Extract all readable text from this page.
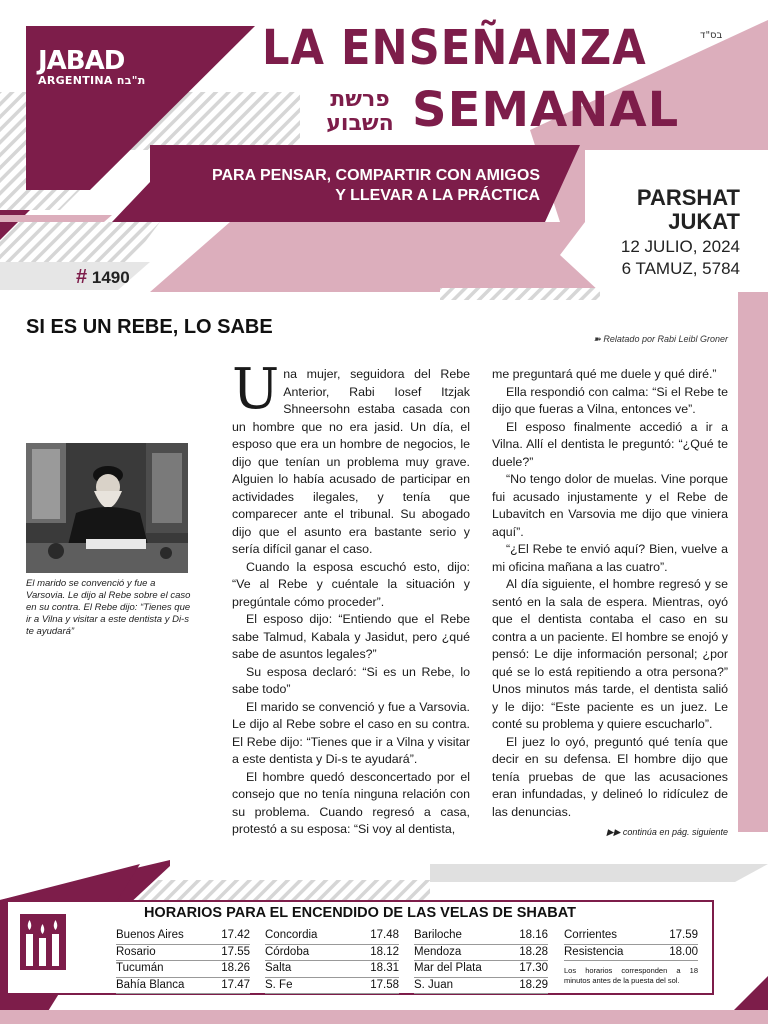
JABAD
ARGENTINA ת"בח
LA ENSEÑANZA
SEMANAL
פרשת
השבוע
בס"ד
PARA PENSAR, COMPARTIR CON AMIGOS
Y LLEVAR A LA PRÁCTICA	PARSHAT
JUKAT
12 JULIO, 2024
6 TAMUZ, 5784
# 1490
SI ES UN REBE, LO SABE
➽ Relatado por Rabi Leibl Groner
El marido se convenció y fue a Varsovia. Le dijo al Rebe sobre el caso en su contra. El Rebe dijo: “Tienes que ir a Vilna y visitar a este dentista y Di-s te ayudará”

Una mujer, seguidora del Rebe Anterior, Rabi Iosef Itzjak Shneersohn estaba casada con un hombre que no era jasid. Un día, el esposo que era un hombre de negocios, le dijo que tenían un problema muy grave. Alguien lo había acusado de participar en actividades ilegales, y tenía que comparecer ante el tribunal. Su abogado dijo que el asunto era bastante serio y sería difícil ganar el caso.

Cuando la esposa escuchó esto, dijo: “Ve al Rebe y cuéntale la situación y pregúntale cómo proceder”.

El esposo dijo: “Entiendo que el Rebe sabe Talmud, Kabala y Jasidut, pero ¿qué sabe de asuntos legales?”

Su esposa declaró: “Si es un Rebe, lo sabe todo”

El marido se convenció y fue a Varsovia. Le dijo al Rebe sobre el caso en su contra. El Rebe dijo: “Tienes que ir a Vilna y visitar a este dentista y Di-s te ayudará”.

El hombre quedó desconcertado por el consejo que no tenía ninguna relación con su problema. Cuando regresó a casa, protestó a su esposa: “Si voy al dentista,

me preguntará qué me duele y qué diré.”

Ella respondió con calma: “Si el Rebe te dijo que fueras a Vilna, entonces ve”.

El esposo finalmente accedió a ir a Vilna. Allí el dentista le preguntó: “¿Qué te duele?”

“No tengo dolor de muelas. Vine porque fui acusado injustamente y el Rebe de Lubavitch en Varsovia me dijo que viniera aquí”.

“¿El Rebe te envió aquí? Bien, vuelve a mi oficina mañana a las cuatro”.

Al día siguiente, el hombre regresó y se sentó en la sala de espera. Mientras, oyó que el dentista contaba el caso en su contra a un paciente. El hombre se enojó y pensó: Le dije información personal; ¿por qué se lo está repitiendo a otra persona?” Unos minutos más tarde, el dentista salió y le dijo: “Este paciente es un juez. Le conté su problema y quiere escucharlo”.

El juez lo oyó, preguntó qué tenía que decir en su defensa. El hombre dijo que tenía pruebas de que las acusaciones eran infundadas, y delineó lo ridículez de las denuncias.

▶▶ continúa en pág. siguiente
HORARIOS PARA EL ENCENDIDO DE LAS VELAS DE SHABAT
Buenos Aires	17.42
Rosario	17.55
Tucumán	18.26
Bahía Blanca	17.47
Concordia	17.48
Córdoba	18.12
Salta	18.31
S. Fe	17.58
Bariloche	18.16
Mendoza	18.28
Mar del Plata	17.30
S. Juan	18.29
Corrientes	17.59
Resistencia	18.00
Los horarios corresponden a 18 minutos antes de la puesta del sol.
